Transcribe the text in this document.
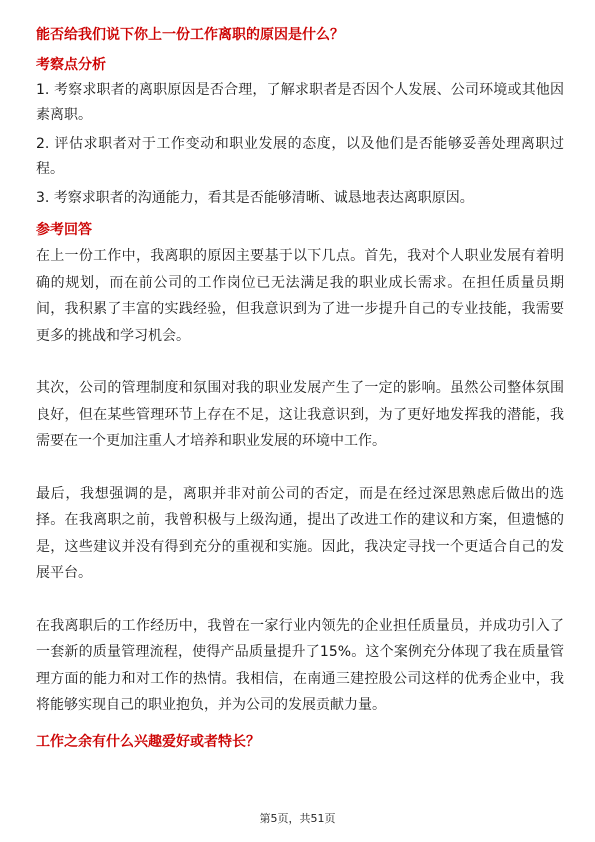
能否给我们说下你上一份工作离职的原因是什么？
考察点分析
1. 考察求职者的离职原因是否合理，了解求职者是否因个人发展、公司环境或其他因素离职。
2. 评估求职者对于工作变动和职业发展的态度，以及他们是否能够妥善处理离职过程。
3. 考察求职者的沟通能力，看其是否能够清晰、诚恳地表达离职原因。
参考回答
在上一份工作中，我离职的原因主要基于以下几点。首先，我对个人职业发展有着明确的规划，而在前公司的工作岗位已无法满足我的职业成长需求。在担任质量员期间，我积累了丰富的实践经验，但我意识到为了进一步提升自己的专业技能，我需要更多的挑战和学习机会。
其次，公司的管理制度和氛围对我的职业发展产生了一定的影响。虽然公司整体氛围良好，但在某些管理环节上存在不足，这让我意识到，为了更好地发挥我的潜能，我需要在一个更加注重人才培养和职业发展的环境中工作。
最后，我想强调的是，离职并非对前公司的否定，而是在经过深思熟虑后做出的选择。在我离职之前，我曾积极与上级沟通，提出了改进工作的建议和方案，但遗憾的是，这些建议并没有得到充分的重视和实施。因此，我决定寻找一个更适合自己的发展平台。
在我离职后的工作经历中，我曾在一家行业内领先的企业担任质量员，并成功引入了一套新的质量管理流程，使得产品质量提升了15%。这个案例充分体现了我在质量管理方面的能力和对工作的热情。我相信，在南通三建控股公司这样的优秀企业中，我将能够实现自己的职业抱负，并为公司的发展贡献力量。
工作之余有什么兴趣爱好或者特长？
第5页，共51页
